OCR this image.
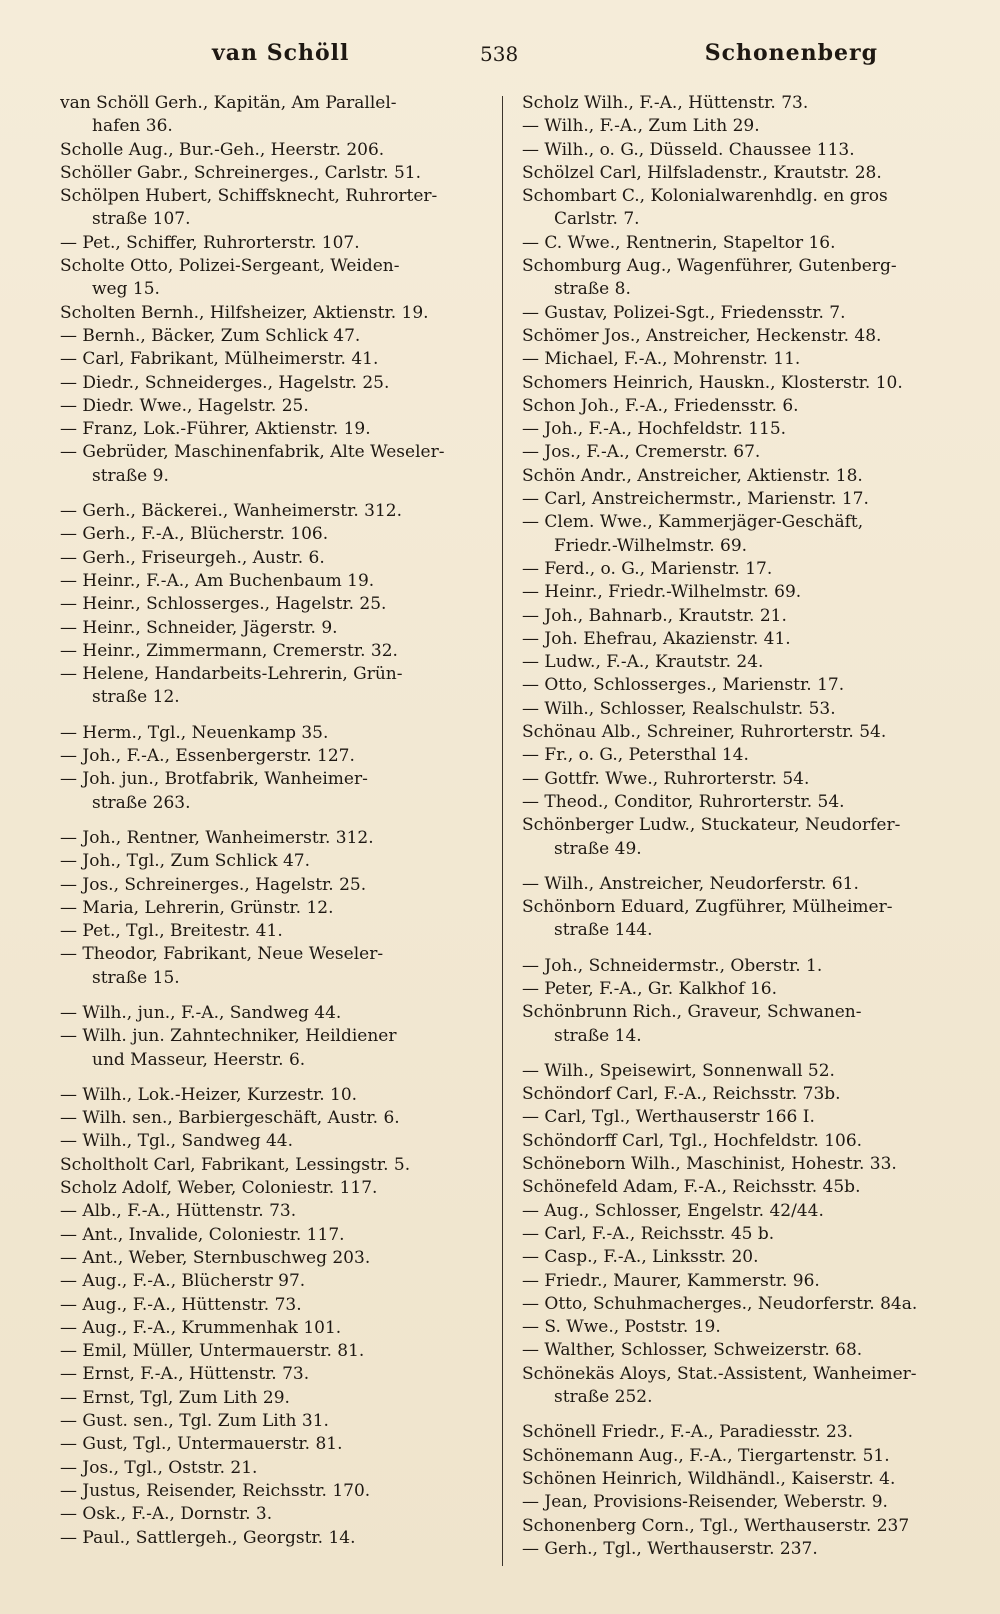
van Schöll	538	Schonenberg
van Schöll Gerh., Kapitän, Am Parallel-
hafen 36.
Scholle Aug., Bur.-Geh., Heerstr. 206.
Schöller Gabr., Schreinerges., Carlstr. 51.
Schölpen Hubert, Schiffsknecht, Ruhrorter-
straße 107.
— Pet., Schiffer, Ruhrorterstr. 107.
Scholte Otto, Polizei-Sergeant, Weiden-
weg 15.
Scholten Bernh., Hilfsheizer, Aktienstr. 19.
— Bernh., Bäcker, Zum Schlick 47.
— Carl, Fabrikant, Mülheimerstr. 41.
— Diedr., Schneiderges., Hagelstr. 25.
— Diedr. Wwe., Hagelstr. 25.
— Franz, Lok.-Führer, Aktienstr. 19.
— Gebrüder, Maschinenfabrik, Alte Weseler-
straße 9.
— Gerh., Bäckerei., Wanheimerstr. 312.
— Gerh., F.-A., Blücherstr. 106.
— Gerh., Friseurgeh., Austr. 6.
— Heinr., F.-A., Am Buchenbaum 19.
— Heinr., Schlosserges., Hagelstr. 25.
— Heinr., Schneider, Jägerstr. 9.
— Heinr., Zimmermann, Cremerstr. 32.
— Helene, Handarbeits-Lehrerin, Grün-
straße 12.
— Herm., Tgl., Neuenkamp 35.
— Joh., F.-A., Essenbergerstr. 127.
— Joh. jun., Brotfabrik, Wanheimer-
straße 263.
— Joh., Rentner, Wanheimerstr. 312.
— Joh., Tgl., Zum Schlick 47.
— Jos., Schreinerges., Hagelstr. 25.
— Maria, Lehrerin, Grünstr. 12.
— Pet., Tgl., Breitestr. 41.
— Theodor, Fabrikant, Neue Weseler-
straße 15.
— Wilh., jun., F.-A., Sandweg 44.
— Wilh. jun. Zahntechniker, Heildiener
und Masseur, Heerstr. 6.
— Wilh., Lok.-Heizer, Kurzestr. 10.
— Wilh. sen., Barbiergeschäft, Austr. 6.
— Wilh., Tgl., Sandweg 44.
Scholtholt Carl, Fabrikant, Lessingstr. 5.
Scholz Adolf, Weber, Coloniestr. 117.
— Alb., F.-A., Hüttenstr. 73.
— Ant., Invalide, Coloniestr. 117.
— Ant., Weber, Sternbuschweg 203.
— Aug., F.-A., Blücherstr 97.
— Aug., F.-A., Hüttenstr. 73.
— Aug., F.-A., Krummenhak 101.
— Emil, Müller, Untermauerstr. 81.
— Ernst, F.-A., Hüttenstr. 73.
— Ernst, Tgl, Zum Lith 29.
— Gust. sen., Tgl. Zum Lith 31.
— Gust, Tgl., Untermauerstr. 81.
— Jos., Tgl., Oststr. 21.
— Justus, Reisender, Reichsstr. 170.
— Osk., F.-A., Dornstr. 3.
— Paul., Sattlergeh., Georgstr. 14.
Scholz Wilh., F.-A., Hüttenstr. 73.
— Wilh., F.-A., Zum Lith 29.
— Wilh., o. G., Düsseld. Chaussee 113.
Schölzel Carl, Hilfsladenstr., Krautstr. 28.
Schombart C., Kolonialwarenhdlg. en gros
Carlstr. 7.
— C. Wwe., Rentnerin, Stapeltor 16.
Schomburg Aug., Wagenführer, Gutenberg-
straße 8.
— Gustav, Polizei-Sgt., Friedensstr. 7.
Schömer Jos., Anstreicher, Heckenstr. 48.
— Michael, F.-A., Mohrenstr. 11.
Schomers Heinrich, Hauskn., Klosterstr. 10.
Schon Joh., F.-A., Friedensstr. 6.
— Joh., F.-A., Hochfeldstr. 115.
— Jos., F.-A., Cremerstr. 67.
Schön Andr., Anstreicher, Aktienstr. 18.
— Carl, Anstreichermstr., Marienstr. 17.
— Clem. Wwe., Kammerjäger-Geschäft,
Friedr.-Wilhelmstr. 69.
— Ferd., o. G., Marienstr. 17.
— Heinr., Friedr.-Wilhelmstr. 69.
— Joh., Bahnarb., Krautstr. 21.
— Joh. Ehefrau, Akazienstr. 41.
— Ludw., F.-A., Krautstr. 24.
— Otto, Schlosserges., Marienstr. 17.
— Wilh., Schlosser, Realschulstr. 53.
Schönau Alb., Schreiner, Ruhrorterstr. 54.
— Fr., o. G., Petersthal 14.
— Gottfr. Wwe., Ruhrorterstr. 54.
— Theod., Conditor, Ruhrorterstr. 54.
Schönberger Ludw., Stuckateur, Neudorfer-
straße 49.
— Wilh., Anstreicher, Neudorferstr. 61.
Schönborn Eduard, Zugführer, Mülheimer-
straße 144.
— Joh., Schneidermstr., Oberstr. 1.
— Peter, F.-A., Gr. Kalkhof 16.
Schönbrunn Rich., Graveur, Schwanen-
straße 14.
— Wilh., Speisewirt, Sonnenwall 52.
Schöndorf Carl, F.-A., Reichsstr. 73b.
— Carl, Tgl., Werthauserstr 166 I.
Schöndorff Carl, Tgl., Hochfeldstr. 106.
Schöneborn Wilh., Maschinist, Hohestr. 33.
Schönefeld Adam, F.-A., Reichsstr. 45b.
— Aug., Schlosser, Engelstr. 42/44.
— Carl, F.-A., Reichsstr. 45 b.
— Casp., F.-A., Linksstr. 20.
— Friedr., Maurer, Kammerstr. 96.
— Otto, Schuhmacherges., Neudorferstr. 84a.
— S. Wwe., Poststr. 19.
— Walther, Schlosser, Schweizerstr. 68.
Schönekäs Aloys, Stat.-Assistent, Wanheimer-
straße 252.
Schönell Friedr., F.-A., Paradiesstr. 23.
Schönemann Aug., F.-A., Tiergartenstr. 51.
Schönen Heinrich, Wildhändl., Kaiserstr. 4.
— Jean, Provisions-Reisender, Weberstr. 9.
Schonenberg Corn., Tgl., Werthauserstr. 237
— Gerh., Tgl., Werthauserstr. 237.
